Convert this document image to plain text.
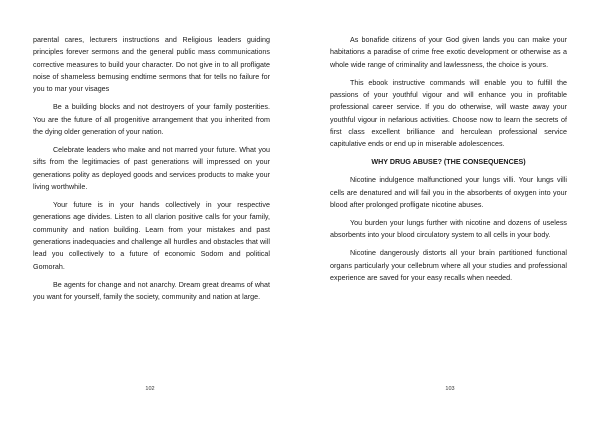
parental cares, lecturers instructions and Religious leaders guiding principles forever sermons and the general public mass communications corrective measures to build your character. Do not give in to all profligate noise of shameless bemusing endtime sermons that for tells no failure for you to mar your visages

Be a building blocks and not destroyers of your family posterities. You are the future of all progenitive arrangement that you inherited from the dying older generation of your nation.

Celebrate leaders who make and not marred your future. What you sifts from the legitimacies of past generations will impressed on your generations polity as deployed goods and services products to make your living worthwhile.

Your future is in your hands collectively in your respective generations age divides. Listen to all clarion positive calls for your family, community and nation building. Learn from your mistakes and past generations inadequacies and challenge all hurdles and obstacles that will lead you collectively to a future of economic Sodom and political Gomorah.

Be agents for change and not anarchy. Dream great dreams of what you want for yourself, family the society, community and nation at large.

102

As bonafide citizens of your God given lands you can make your habitations a paradise of crime free exotic development or otherwise as a whole wide range of criminality and lawlessness, the choice is yours.

This ebook instructive commands will enable you to fulfill the passions of your youthful vigour and will enhance you in profitable professional career service. If you do otherwise, will waste away your youthful vigour in nefarious activities. Choose now to learn the secrets of first class excellent brilliance and herculean professional service capitulative ends or end up in miserable adolescences.

WHY DRUG ABUSE? (THE CONSEQUENCES)

Nicotine indulgence malfunctioned your lungs villi. Your lungs villi cells are denatured and will fail you in the absorbents of oxygen into your blood after prolonged profligate nicotine abuses.

You burden your lungs further with nicotine and dozens of useless absorbents into your blood circulatory system to all cells in your body.

Nicotine dangerously distorts all your brain partitioned functional organs particularly your cellebrum where all your studies and professional experience are saved for your easy recalls when needed.

103
